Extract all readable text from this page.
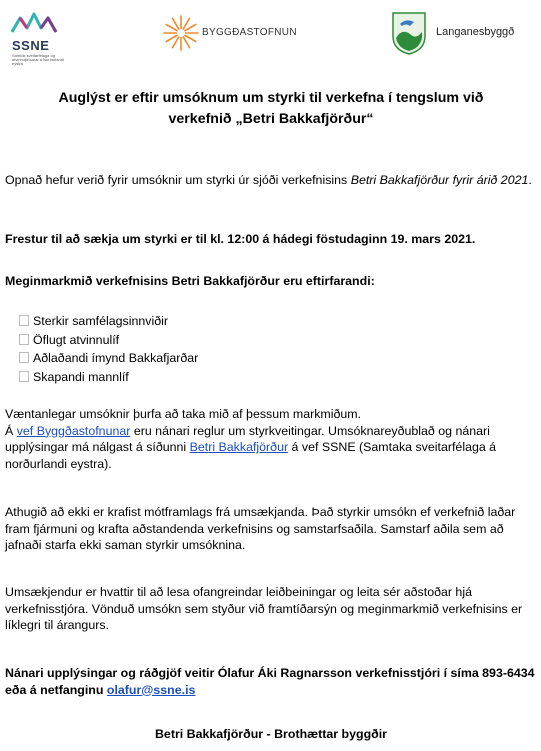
SSNE
Samtök sveitarfélaga og atvinnuþróunar á Norðurlandi eystra
BYGGÐASTOFNUN	Langanesbyggð
Auglýst er eftir umsóknum um styrki til verkefna í tengslum við
verkefnið „Betri Bakkafjörður“

Opnað hefur verið fyrir umsóknir um styrki úr sjóði verkefnisins Betri Bakkafjörður fyrir árið 2021.

Frestur til að sækja um styrki er til kl. 12:00 á hádegi föstudaginn 19. mars 2021.

Meginmarkmið verkefnisins Betri Bakkafjörður eru eftirfarandi:

Sterkir samfélagsinnviðir
Öflugt atvinnulíf
Aðlaðandi ímynd Bakkafjarðar
Skapandi mannlíf

Væntanlegar umsóknir þurfa að taka mið af þessum markmiðum.
Á vef Byggðastofnunar eru nánari reglur um styrkveitingar. Umsóknareyðublað og nánari upplýsingar má nálgast á síðunni Betri Bakkafjörður á vef SSNE (Samtaka sveitarfélaga á norðurlandi eystra).

Athugið að ekki er krafist mótframlags frá umsækjanda. Það styrkir umsókn ef verkefnið laðar fram fjármuni og krafta aðstandenda verkefnisins og samstarfsaðila. Samstarf aðila sem að jafnaði starfa ekki saman styrkir umsóknina.

Umsækjendur er hvattir til að lesa ofangreindar leiðbeiningar og leita sér aðstoðar hjá verkefnisstjóra. Vönduð umsókn sem styður við framtíðarsýn og meginmarkmið verkefnisins er líklegri til árangurs.

Nánari upplýsingar og ráðgjöf veitir Ólafur Áki Ragnarsson verkefnisstjóri í síma 893-6434 eða á netfanginu olafur@ssne.is

Betri Bakkafjörður - Brothættar byggðir
